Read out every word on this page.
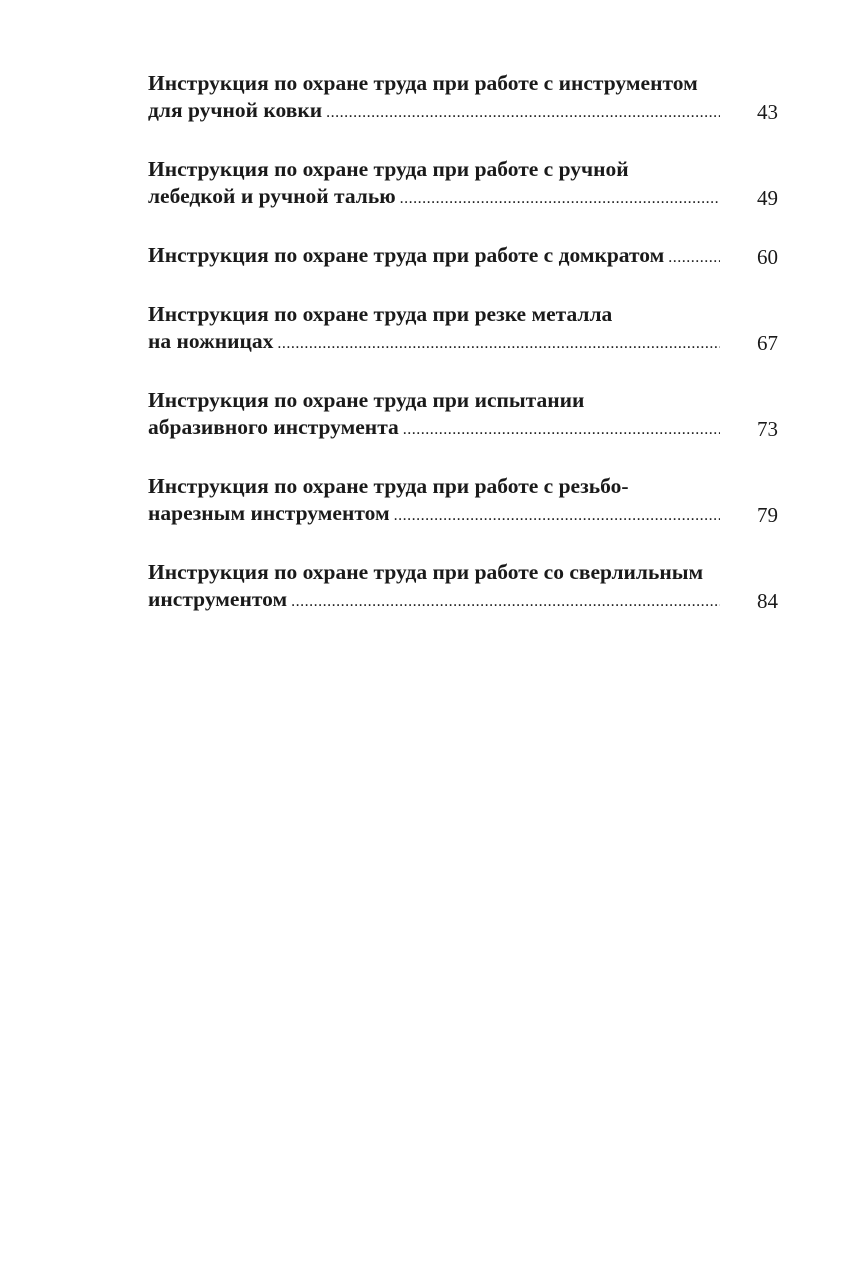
Инструкция по охране труда при работе с инструментом
для ручной ковки .....	43
Инструкция по охране труда при работе с ручной
лебедкой и ручной талью .....	49
Инструкция по охране труда при работе с домкратом .....	60
Инструкция по охране труда при резке металла
на ножницах .....	67
Инструкция по охране труда при испытании
абразивного инструмента .....	73
Инструкция по охране труда при работе с резьбо-
нарезным инструментом .....	79
Инструкция по охране труда при работе со сверлильным
инструментом .....	84
